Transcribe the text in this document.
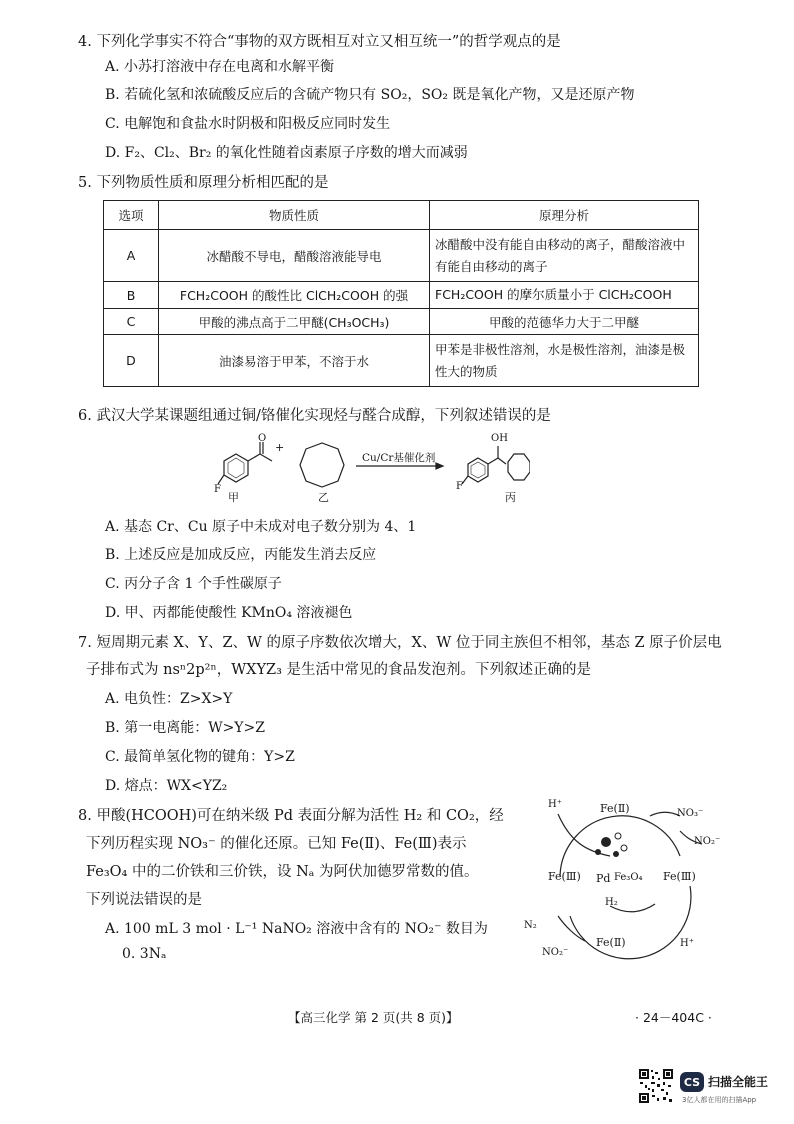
4. 下列化学事实不符合“事物的双方既相互对立又相互统一”的哲学观点的是
A. 小苏打溶液中存在电离和水解平衡
B. 若硫化氢和浓硫酸反应后的含硫产物只有 SO₂，SO₂ 既是氧化产物，又是还原产物
C. 电解饱和食盐水时阴极和阳极反应同时发生
D. F₂、Cl₂、Br₂ 的氧化性随着卤素原子序数的增大而减弱
5. 下列物质性质和原理分析相匹配的是
选项	物质性质	原理分析
A	冰醋酸不导电，醋酸溶液能导电	冰醋酸中没有能自由移动的离子，醋酸溶液中有能自由移动的离子
B	FCH₂COOH 的酸性比 ClCH₂COOH 的强	FCH₂COOH 的摩尔质量小于 ClCH₂COOH
C	甲酸的沸点高于二甲醚(CH₃OCH₃)	甲酸的范德华力大于二甲醚
D	油漆易溶于甲苯，不溶于水	甲苯是非极性溶剂，水是极性溶剂，油漆是极性大的物质
6. 武汉大学某课题组通过铜/铬催化实现烃与醛合成醇，下列叙述错误的是
+
O
F
甲	乙
Cu/Cr基催化剂
OH
F
丙
A. 基态 Cr、Cu 原子中未成对电子数分别为 4、1
B. 上述反应是加成反应，丙能发生消去反应
C. 丙分子含 1 个手性碳原子
D. 甲、丙都能使酸性 KMnO₄ 溶液褪色
7. 短周期元素 X、Y、Z、W 的原子序数依次增大，X、W 位于同主族但不相邻，基态 Z 原子价层电
子排布式为 nsⁿ2p²ⁿ，WXYZ₃ 是生活中常见的食品发泡剂。下列叙述正确的是
A. 电负性：Z>X>Y
B. 第一电离能：W>Y>Z
C. 最简单氢化物的键角：Y>Z
D. 熔点：WX<YZ₂
8. 甲酸(HCOOH)可在纳米级 Pd 表面分解为活性 H₂ 和 CO₂，经
下列历程实现 NO₃⁻ 的催化还原。已知 Fe(Ⅱ)、Fe(Ⅲ)表示
Fe₃O₄ 中的二价铁和三价铁，设 Nₐ 为阿伏加德罗常数的值。
下列说法错误的是
A. 100 mL 3 mol · L⁻¹ NaNO₂ 溶液中含有的 NO₂⁻ 数目为
0. 3Nₐ
H⁺	Fe(Ⅱ)	NO₃⁻
NO₂⁻
Fe(Ⅲ)	Fe(Ⅲ)
Pd Fe₃O₄
H₂
N₂
Fe(Ⅱ)	H⁺
NO₂⁻
【高三化学 第 2 页(共 8 页)】	· 24－404C ·
CS 扫描全能王
3亿人都在用的扫描App
